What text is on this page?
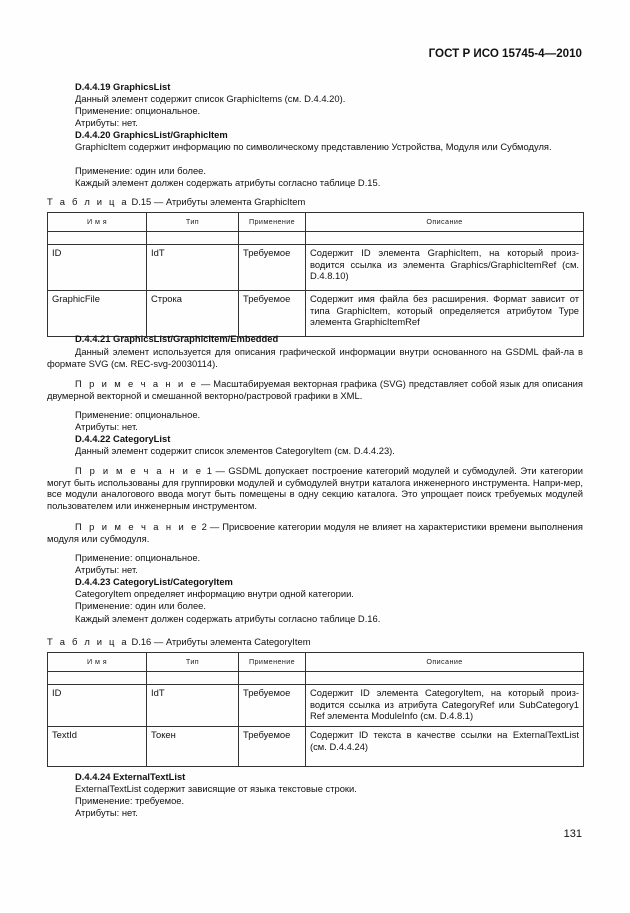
ГОСТ Р ИСО 15745-4—2010
D.4.4.19 GraphicsList
Данный элемент содержит список GraphicItems (см. D.4.4.20).
Применение: опциональное.
Атрибуты: нет.
D.4.4.20 GraphicsList/GraphicItem
GraphicItem содержит информацию по символическому представлению Устройства, Модуля или Субмодуля.
Применение: один или более.
Каждый элемент должен содержать атрибуты согласно таблице D.15.
Т а б л и ц а D.15 — Атрибуты элемента GraphicItem
И м я	Тип	Применение	Описание

ID	IdT	Требуемое	Содержит ID элемента GraphicItem, на который произ-водится ссылка из элемента Graphics/GraphicItemRef (см. D.4.8.10)
GraphicFile	Строка	Требуемое	Содержит имя файла без расширения. Формат зависит от типа GraphicItem, который определяется атрибутом Type элемента GraphicItemRef
D.4.4.21 GraphicsList/GraphicItem/Embedded
Данный элемент используется для описания графической информации внутри основанного на GSDML фай-ла в формате SVG (см. REC-svg-20030114).
П р и м е ч а н и е — Масштабируемая векторная графика (SVG) представляет собой язык для описания двумерной векторной и смешанной векторно/растровой графики в XML.
Применение: опциональное.
Атрибуты: нет.
D.4.4.22 CategoryList
Данный элемент содержит список элементов CategoryItem (см. D.4.4.23).
П р и м е ч а н и е 1 — GSDML допускает построение категорий модулей и субмодулей. Эти категории могут быть использованы для группировки модулей и субмодулей внутри каталога инженерного инструмента. Напри-мер, все модули аналогового ввода могут быть помещены в одну секцию каталога. Это упрощает поиск требуемых модулей пользователем или инженерным инструментом.
П р и м е ч а н и е 2 — Присвоение категории модуля не влияет на характеристики времени выполнения модуля или субмодуля.
Применение: опциональное.
Атрибуты: нет.
D.4.4.23 CategoryList/CategoryItem
CategoryItem определяет информацию внутри одной категории.
Применение: один или более.
Каждый элемент должен содержать атрибуты согласно таблице D.16.
Т а б л и ц а D.16 — Атрибуты элемента CategoryItem
И м я	Тип	Применение	Описание

ID	IdT	Требуемое	Содержит ID элемента CategoryItem, на который произ-водится ссылка из атрибута CategoryRef или SubCategory1 Ref элемента ModuleInfo (см. D.4.8.1)
TextId	Токен	Требуемое	Содержит ID текста в качестве ссылки на ExternalTextList (см. D.4.4.24)
D.4.4.24 ExternalTextList
ExternalTextList содержит зависящие от языка текстовые строки.
Применение: требуемое.
Атрибуты: нет.
131
